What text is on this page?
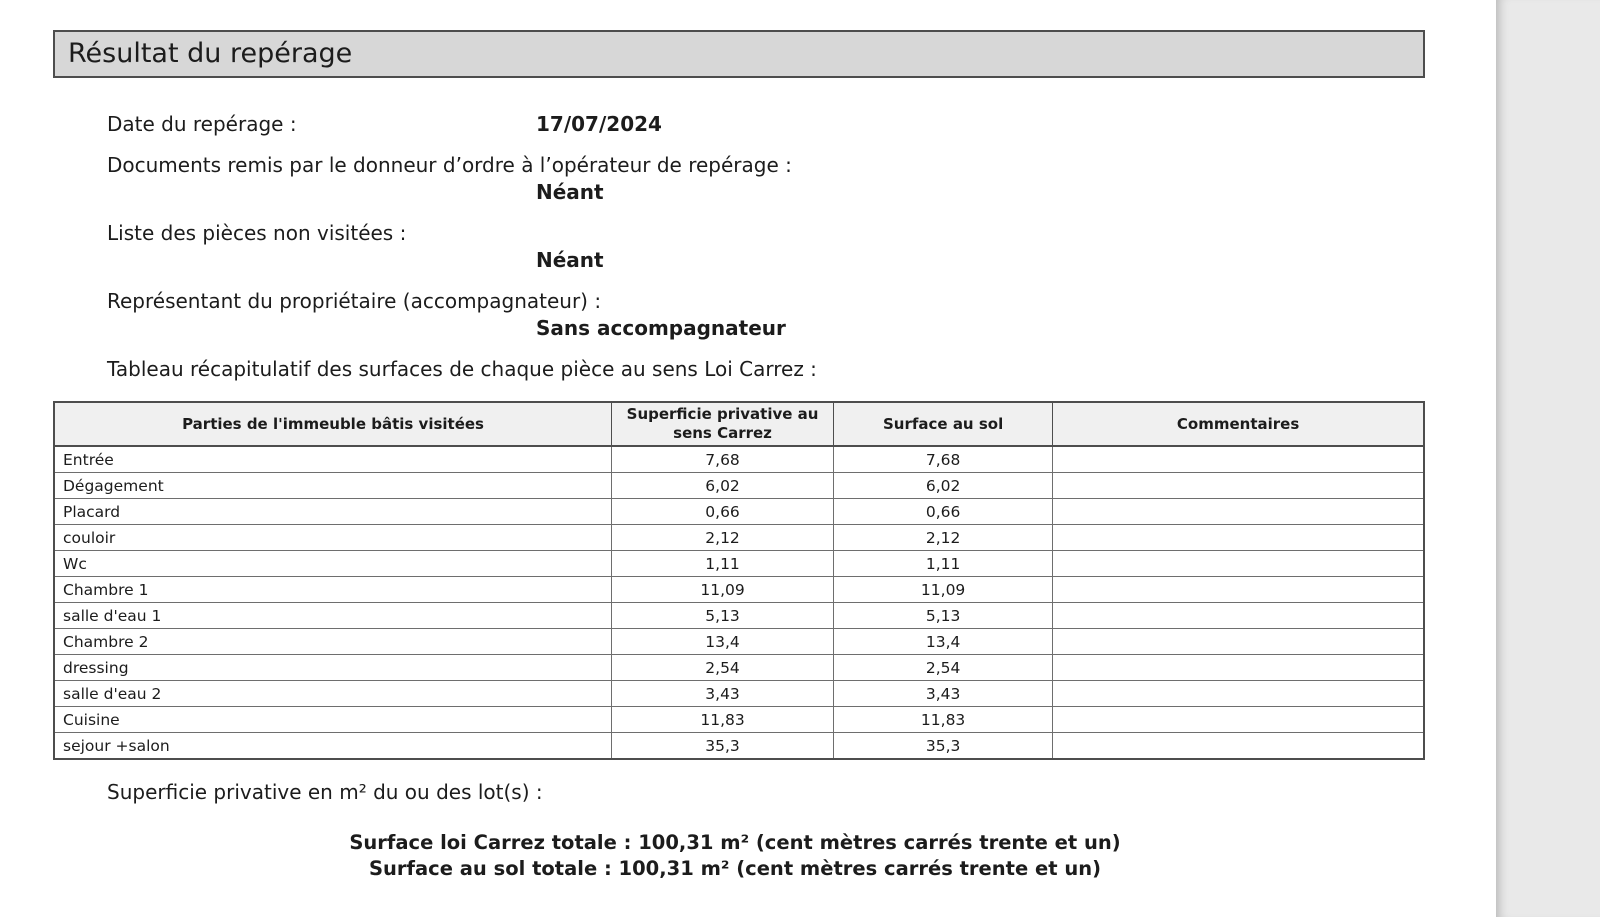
Résultat du repérage
Date du repérage :	17/07/2024
Documents remis par le donneur d’ordre à l’opérateur de repérage :
Néant
Liste des pièces non visitées :
Néant
Représentant du propriétaire (accompagnateur) :
Sans accompagnateur
Tableau récapitulatif des surfaces de chaque pièce au sens Loi Carrez :
Parties de l'immeuble bâtis visitées	Superficie privative au sens Carrez	Surface au sol	Commentaires
Entrée	7,68	7,68	
Dégagement	6,02	6,02	
Placard	0,66	0,66	
couloir	2,12	2,12	
Wc	1,11	1,11	
Chambre 1	11,09	11,09	
salle d'eau 1	5,13	5,13	
Chambre 2	13,4	13,4	
dressing	2,54	2,54	
salle d'eau 2	3,43	3,43	
Cuisine	11,83	11,83	
sejour +salon	35,3	35,3	
Superficie privative en m² du ou des lot(s) :
Surface loi Carrez totale : 100,31 m² (cent mètres carrés trente et un)
Surface au sol totale : 100,31 m² (cent mètres carrés trente et un)
